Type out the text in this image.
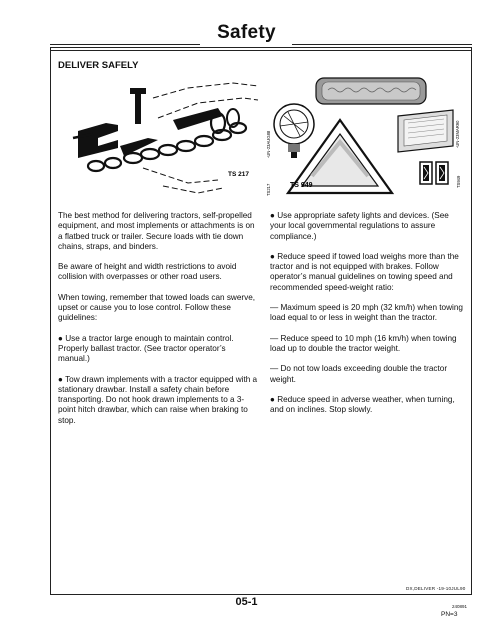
Safety
DELIVER SAFELY
TS 217
-UN-23AUG88
TS217	TS 949
-UN-23MAR90
TS949

The best method for delivering tractors, self-propelled equipment, and most implements or attachments is on a flatbed truck or trailer. Secure loads with tie down chains, straps, and binders.

Be aware of height and width restrictions to avoid collision with overpasses or other road users.

When towing, remember that towed loads can swerve, upset or cause you to lose control. Follow these guidelines:

● Use a tractor large enough to maintain control. Properly ballast tractor. (See tractor operator’s manual.)

● Tow drawn implements with a tractor equipped with a stationary drawbar. Install a safety chain before transporting. Do not hook drawn implements to a 3-point hitch drawbar, which can raise when braking to stop.

● Use appropriate safety lights and devices. (See your local governmental regulations to assure compliance.)

● Reduce speed if towed load weighs more than the tractor and is not equipped with brakes. Follow operator’s manual guidelines on towing speed and recommended speed-weight ratio:

— Maximum speed is 20 mph (32 km/h) when towing load equal to or less in weight than the tractor.

— Reduce speed to 10 mph (16 km/h) when towing load up to double the tractor weight.

— Do not tow loads exceeding double the tractor weight.

● Reduce speed in adverse weather, when turning, and on inclines. Stop slowly.

DX,DELIVER -19-10JUL90
05-1	240891
PN=3
